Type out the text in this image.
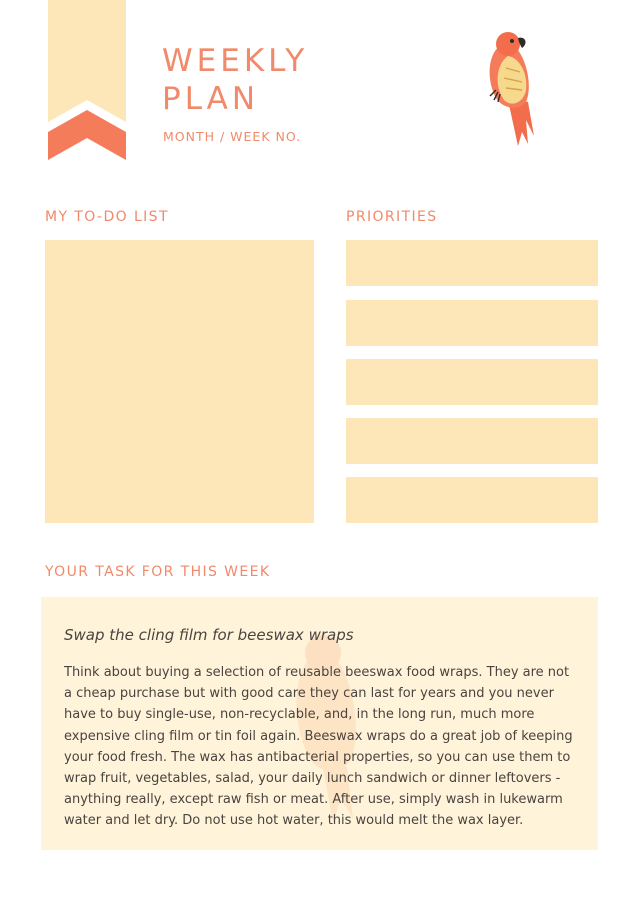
WEEKLY
PLAN
MONTH / WEEK NO.
MY TO-DO LIST	PRIORITIES
YOUR TASK FOR THIS WEEK
Swap the cling film for beeswax wraps

Think about buying a selection of reusable beeswax food wraps. They are not a cheap purchase but with good care they can last for years and you never have to buy single-use, non-recyclable, and, in the long run, much more expensive cling film or tin foil again. Beeswax wraps do a great job of keeping your food fresh. The wax has antibacterial properties, so you can use them to wrap fruit, vegetables, salad, your daily lunch sandwich or dinner leftovers - anything really, except raw fish or meat. After use, simply wash in lukewarm water and let dry. Do not use hot water, this would melt the wax layer.
